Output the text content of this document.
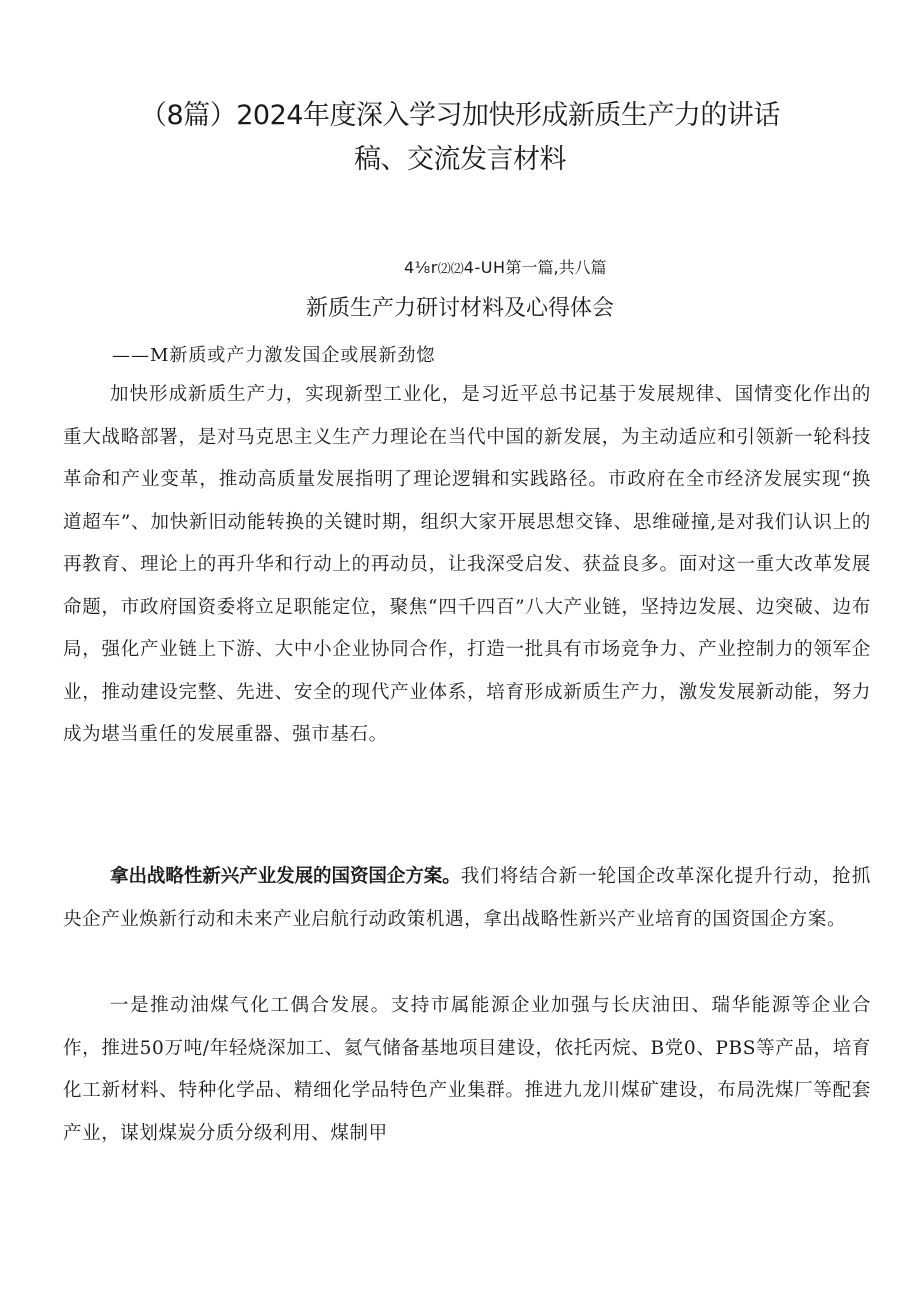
（8篇）2024年度深入学习加快形成新质生产力的讲话
稿、交流发言材料
4⅛r⑵⑵4-UH第一篇,共八篇
新质生产力研讨材料及心得体会
——M新质或产力激发国企或展新劲惚

加快形成新质生产力，实现新型工业化，是习近平总书记基于发展规律、国情变化作出的重大战略部署，是对马克思主义生产力理论在当代中国的新发展，为主动适应和引领新一轮科技革命和产业变革，推动高质量发展指明了理论逻辑和实践路径。市政府在全市经济发展实现“换道超车”、加快新旧动能转换的关键时期，组织大家开展思想交锋、思维碰撞,是对我们认识上的再教育、理论上的再升华和行动上的再动员，让我深受启发、获益良多。面对这一重大改革发展命题，市政府国资委将立足职能定位，聚焦“四千四百”八大产业链，坚持边发展、边突破、边布局，强化产业链上下游、大中小企业协同合作，打造一批具有市场竞争力、产业控制力的领军企业，推动建设完整、先进、安全的现代产业体系，培育形成新质生产力，激发发展新动能，努力成为堪当重任的发展重器、强市基石。

拿出战略性新兴产业发展的国资国企方案。我们将结合新一轮国企改革深化提升行动，抢抓央企产业焕新行动和未来产业启航行动政策机遇，拿出战略性新兴产业培育的国资国企方案。

一是推动油煤气化工偶合发展。支持市属能源企业加强与长庆油田、瑞华能源等企业合作，推进50万吨/年轻烧深加工、氦气储备基地项目建设，依托丙烷、B党0、PBS等产品，培育化工新材料、特种化学品、精细化学品特色产业集群。推进九龙川煤矿建设，布局洗煤厂等配套产业，谋划煤炭分质分级利用、煤制甲
